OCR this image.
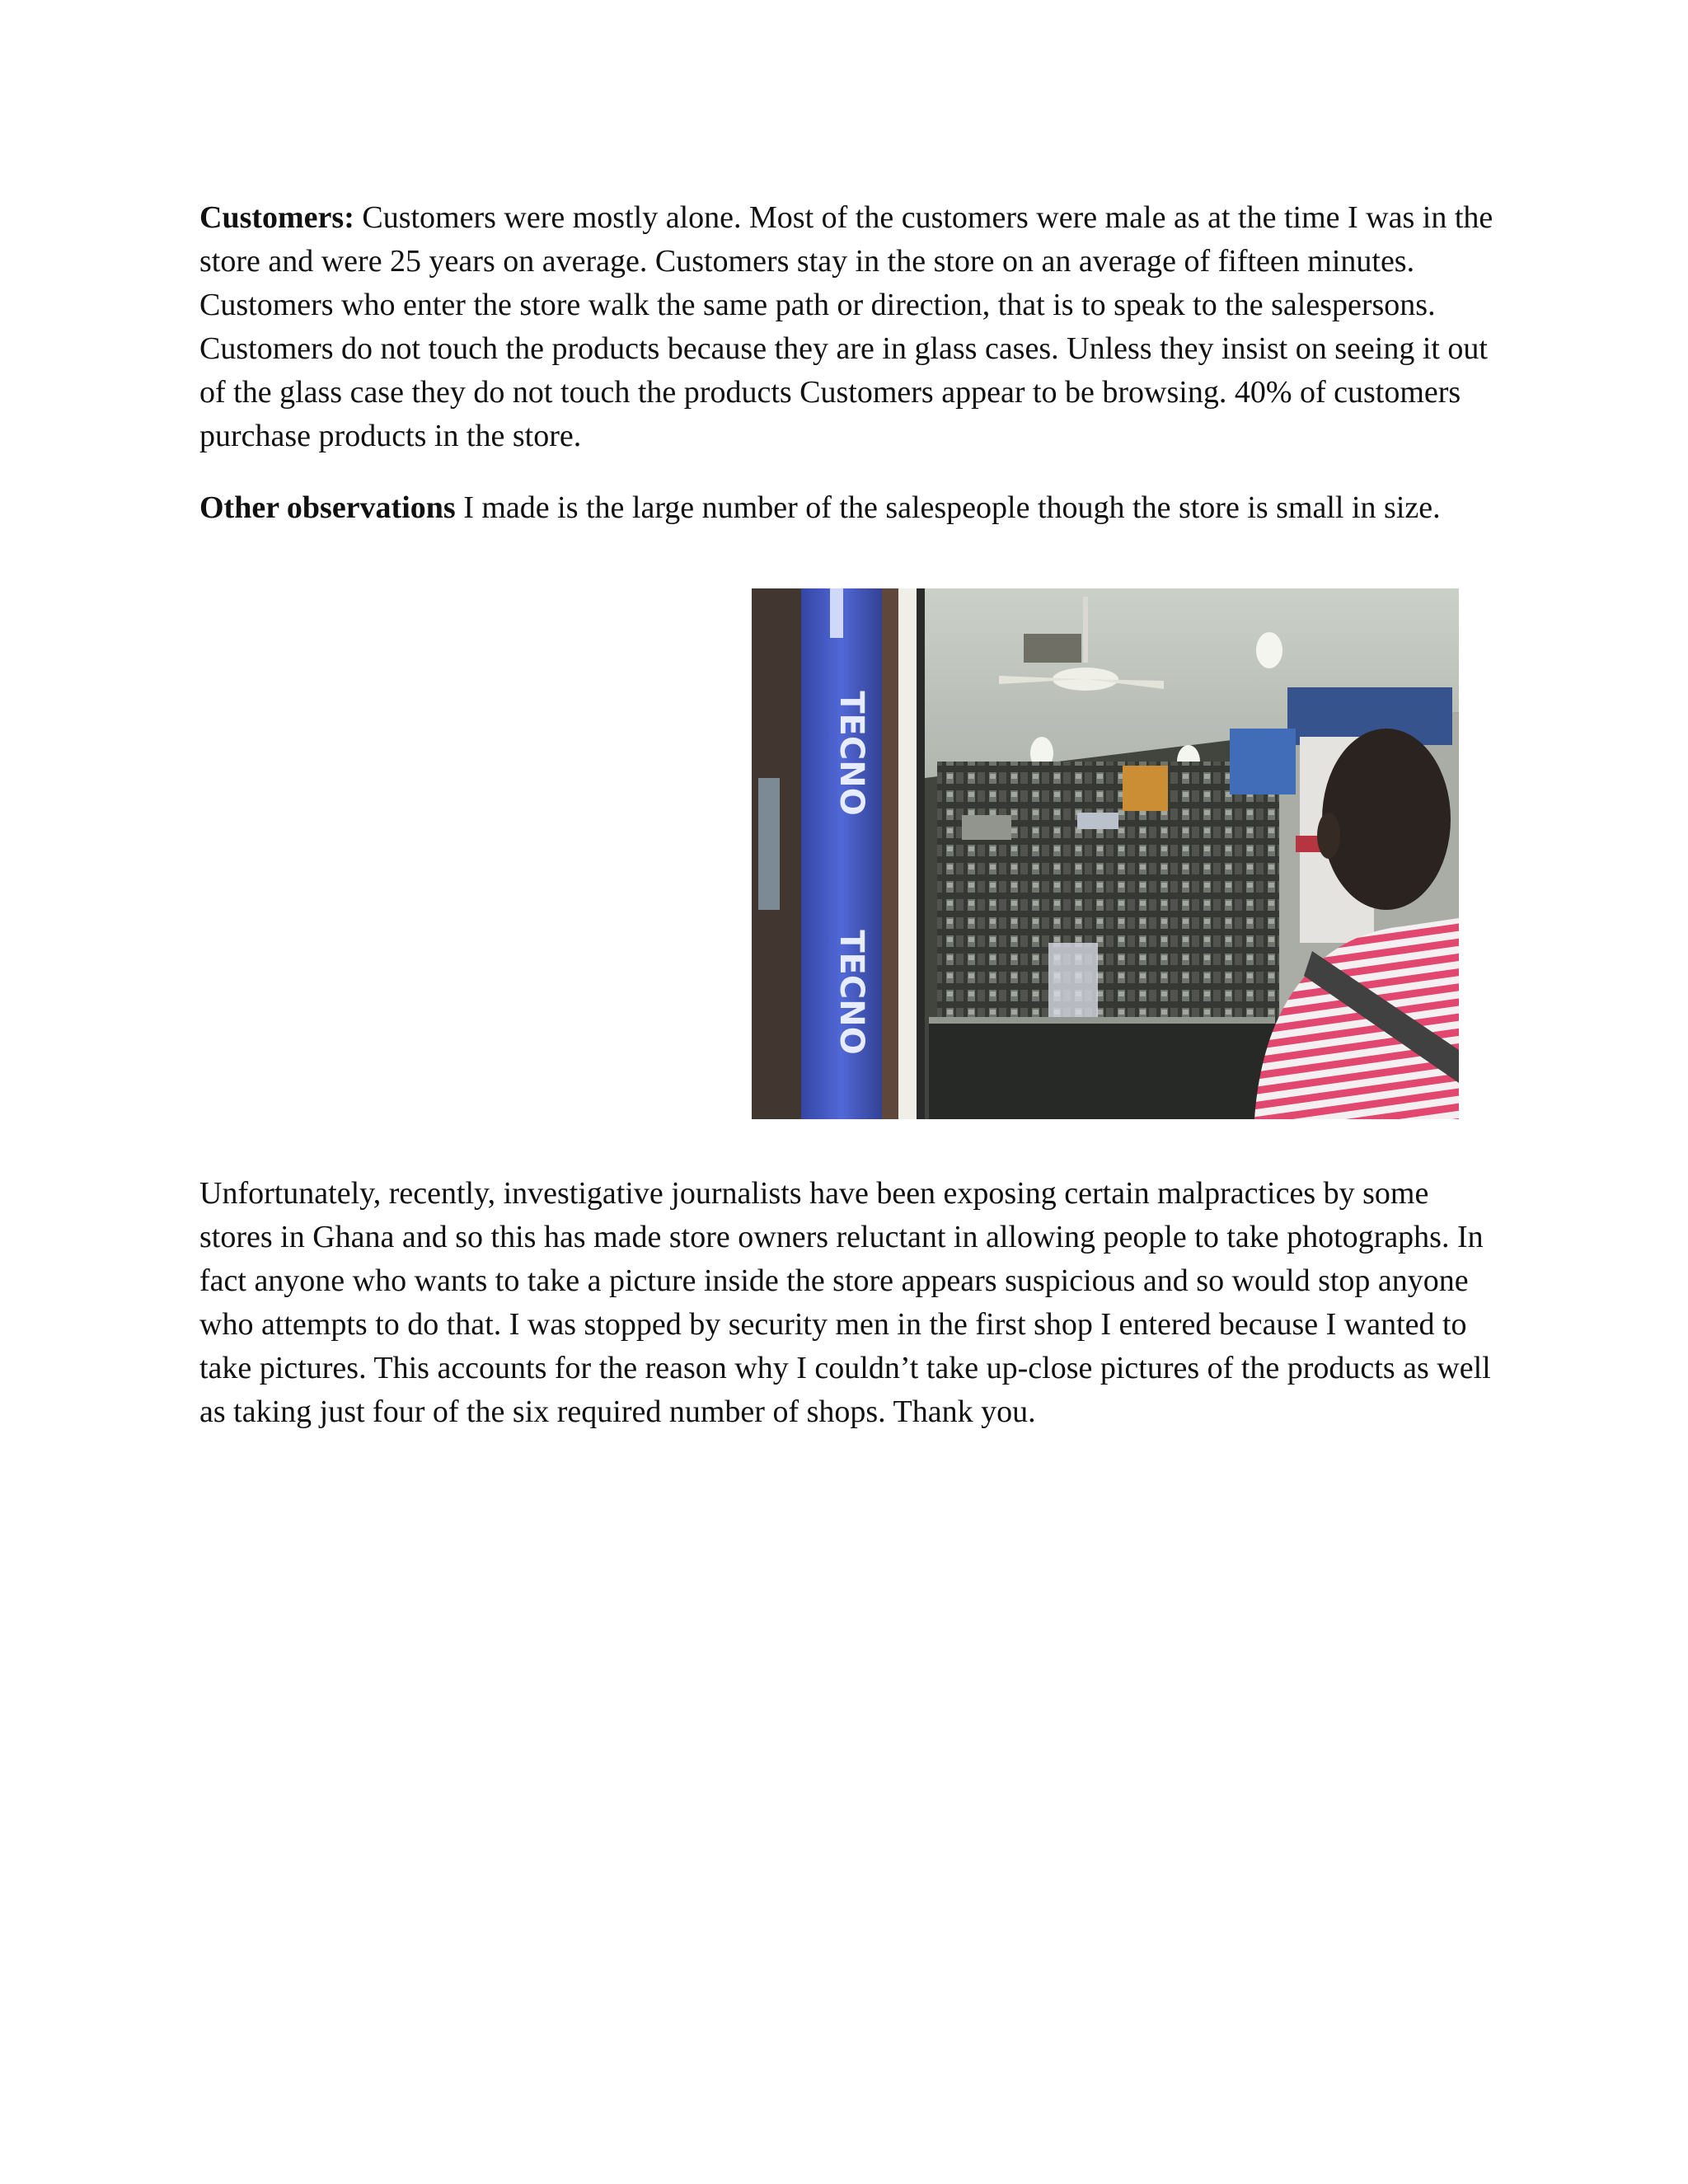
Customers: Customers were mostly alone. Most of the customers were male as at the time I was in the store and were 25 years on average. Customers stay in the store on an average of fifteen minutes. Customers who enter the store walk the same path or direction, that is to speak to the salespersons. Customers do not touch the products because they are in glass cases. Unless they insist on seeing it out of the glass case they do not touch the products Customers appear to be browsing. 40% of customers purchase products in the store.

Other observations I made is the large number of the salespeople though the store is small in size.

TECNO
TECNO

Unfortunately, recently, investigative journalists have been exposing certain malpractices by some stores in Ghana and so this has made store owners reluctant in allowing people to take photographs. In fact anyone who wants to take a picture inside the store appears suspicious and so would stop anyone who attempts to do that. I was stopped by security men in the first shop I entered because I wanted to take pictures. This accounts for the reason why I couldn’t take up-close pictures of the products as well as taking just four of the six required number of shops. Thank you.
